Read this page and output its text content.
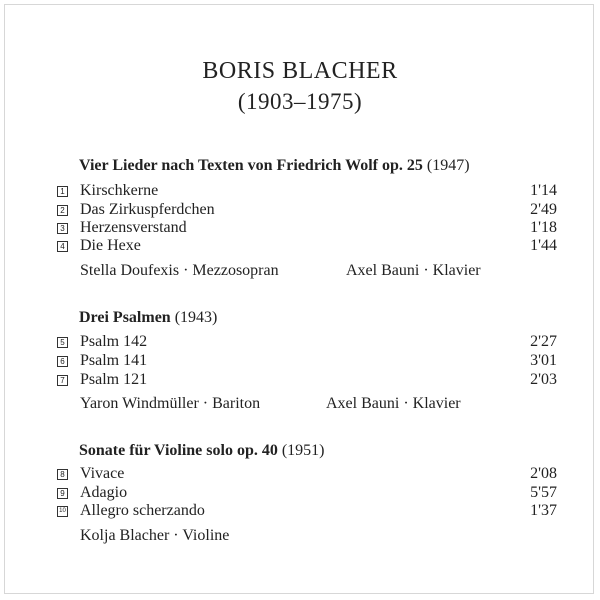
BORIS BLACHER
(1903–1975)
Vier Lieder nach Texten von Friedrich Wolf op. 25 (1947)
1 Kirschkerne	1'14
2 Das Zirkuspferdchen	2'49
3 Herzensverstand	1'18
4 Die Hexe	1'44
Stella Doufexis · Mezzosopran	Axel Bauni · Klavier
Drei Psalmen (1943)
5 Psalm 142	2'27
6 Psalm 141	3'01
7 Psalm 121	2'03
Yaron Windmüller · Bariton	Axel Bauni · Klavier
Sonate für Violine solo op. 40 (1951)
8 Vivace	2'08
9 Adagio	5'57
10 Allegro scherzando	1'37
Kolja Blacher · Violine
